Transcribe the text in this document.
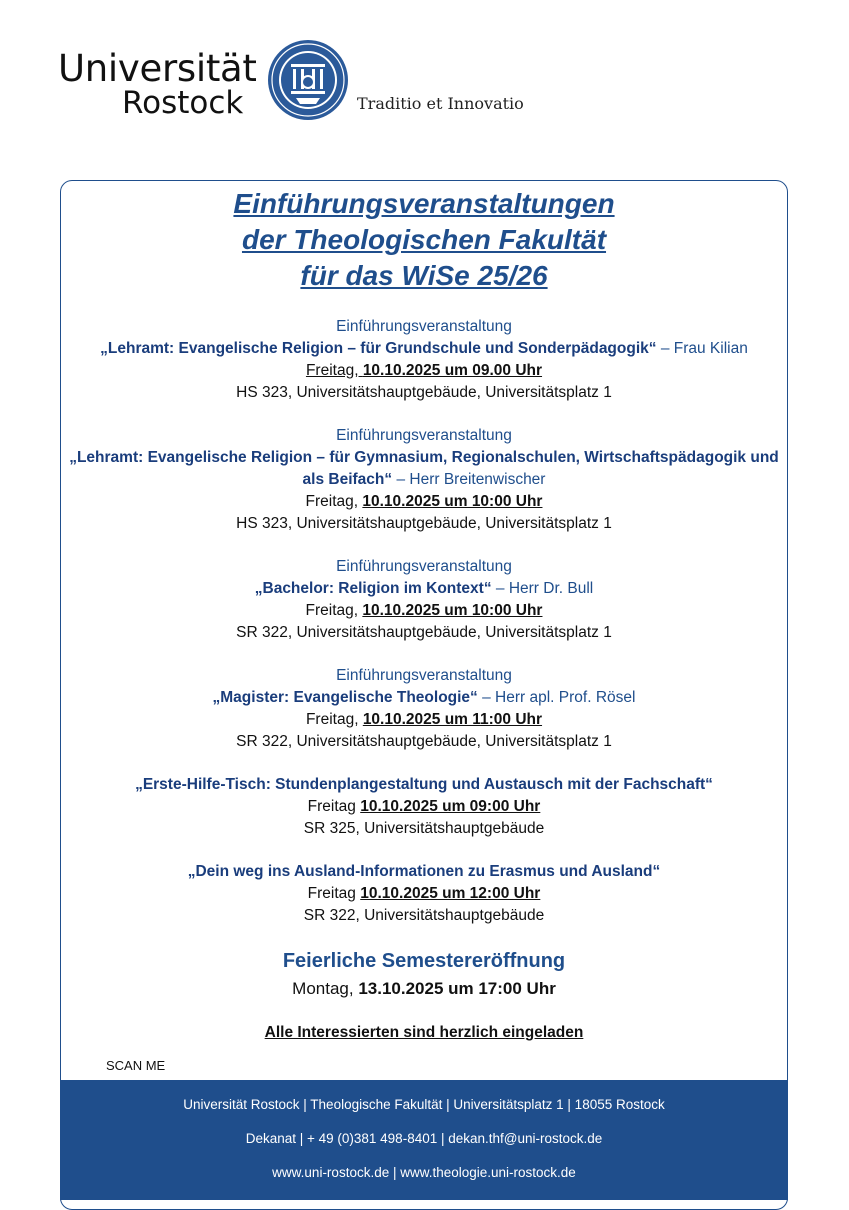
Universität
Rostock	Traditio et Innovatio
Einführungsveranstaltungen
der Theologischen Fakultät
für das WiSe 25/26
Einführungsveranstaltung
„Lehramt: Evangelische Religion – für Grundschule und Sonderpädagogik“ – Frau Kilian
Freitag, 10.10.2025 um 09.00 Uhr
HS 323, Universitätshauptgebäude, Universitätsplatz 1
Einführungsveranstaltung
„Lehramt: Evangelische Religion – für Gymnasium, Regionalschulen, Wirtschaftspädagogik und
als Beifach“ – Herr Breitenwischer
Freitag, 10.10.2025 um 10:00 Uhr
HS 323, Universitätshauptgebäude, Universitätsplatz 1
Einführungsveranstaltung
„Bachelor: Religion im Kontext“ – Herr Dr. Bull
Freitag, 10.10.2025 um 10:00 Uhr
SR 322, Universitätshauptgebäude, Universitätsplatz 1
Einführungsveranstaltung
„Magister: Evangelische Theologie“ – Herr apl. Prof. Rösel
Freitag, 10.10.2025 um 11:00 Uhr
SR 322, Universitätshauptgebäude, Universitätsplatz 1
„Erste-Hilfe-Tisch: Stundenplangestaltung und Austausch mit der Fachschaft“
Freitag 10.10.2025 um 09:00 Uhr
SR 325, Universitätshauptgebäude
„Dein weg ins Ausland-Informationen zu Erasmus und Ausland“
Freitag 10.10.2025 um 12:00 Uhr
SR 322, Universitätshauptgebäude
Feierliche Semestereröffnung
Montag, 13.10.2025 um 17:00 Uhr
Alle Interessierten sind herzlich eingeladen
SCAN ME
Universität Rostock | Theologische Fakultät | Universitätsplatz 1 | 18055 Rostock
Dekanat | + 49 (0)381 498-8401 | dekan.thf@uni-rostock.de
www.uni-rostock.de | www.theologie.uni-rostock.de
